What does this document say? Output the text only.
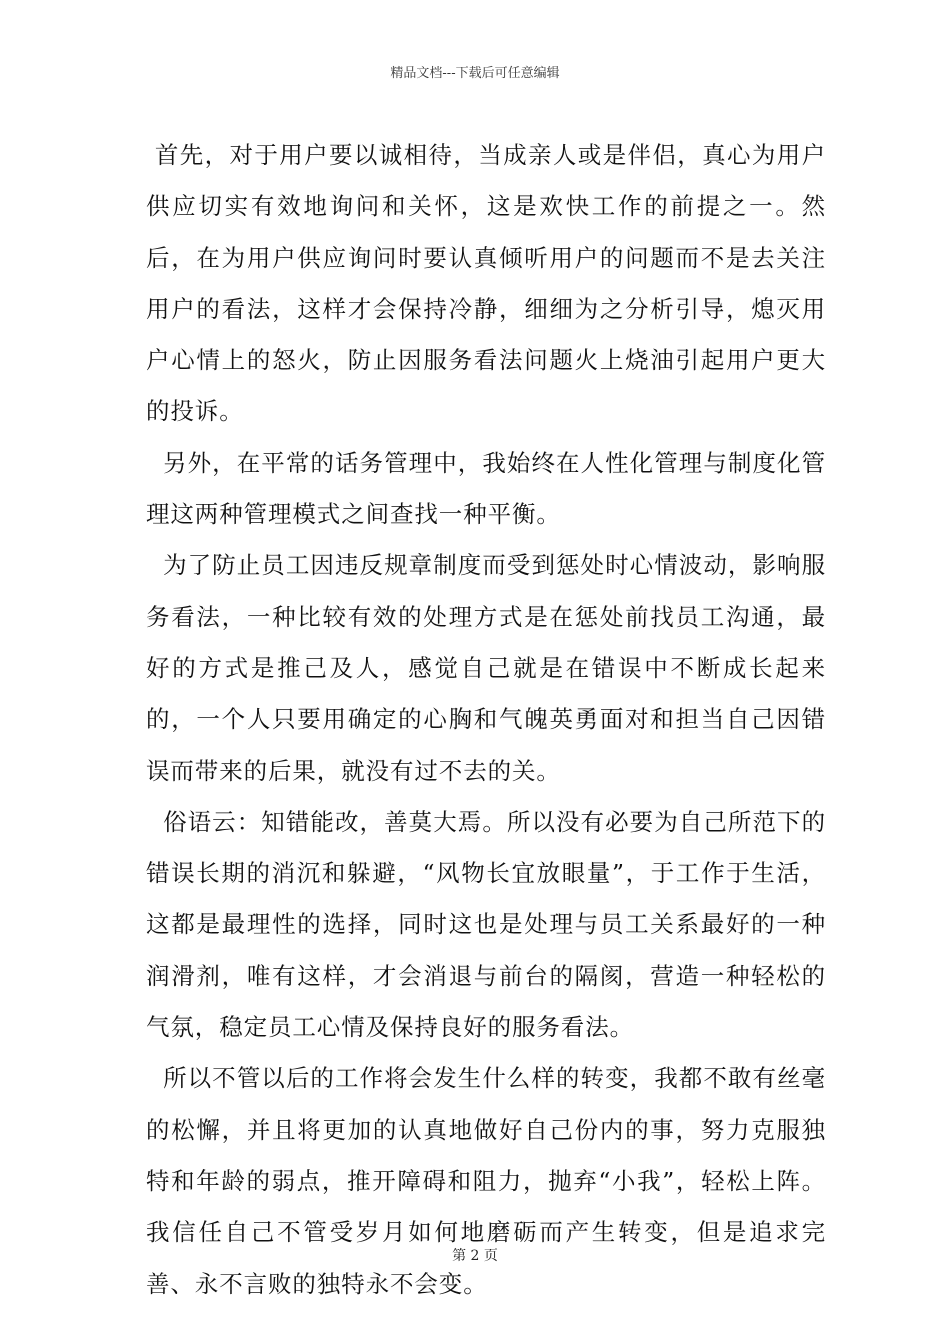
精品文档---下载后可任意编辑

首先，对于用户要以诚相待，当成亲人或是伴侣，真心为用户供应切实有效地询问和关怀，这是欢快工作的前提之一。然后，在为用户供应询问时要认真倾听用户的问题而不是去关注用户的看法，这样才会保持冷静，细细为之分析引导，熄灭用户心情上的怒火，防止因服务看法问题火上烧油引起用户更大的投诉。

另外，在平常的话务管理中，我始终在人性化管理与制度化管理这两种管理模式之间查找一种平衡。

为了防止员工因违反规章制度而受到惩处时心情波动，影响服务看法，一种比较有效的处理方式是在惩处前找员工沟通，最好的方式是推己及人，感觉自己就是在错误中不断成长起来的，一个人只要用确定的心胸和气魄英勇面对和担当自己因错误而带来的后果，就没有过不去的关。

俗语云：知错能改，善莫大焉。所以没有必要为自己所范下的错误长期的消沉和躲避，“风物长宜放眼量”，于工作于生活，这都是最理性的选择，同时这也是处理与员工关系最好的一种润滑剂，唯有这样，才会消退与前台的隔阂，营造一种轻松的气氛，稳定员工心情及保持良好的服务看法。

所以不管以后的工作将会发生什么样的转变，我都不敢有丝毫的松懈，并且将更加的认真地做好自己份内的事，努力克服独特和年龄的弱点，推开障碍和阻力，抛弃“小我”，轻松上阵。我信任自己不管受岁月如何地磨砺而产生转变，但是追求完善、永不言败的独特永不会变。

第 2 页
